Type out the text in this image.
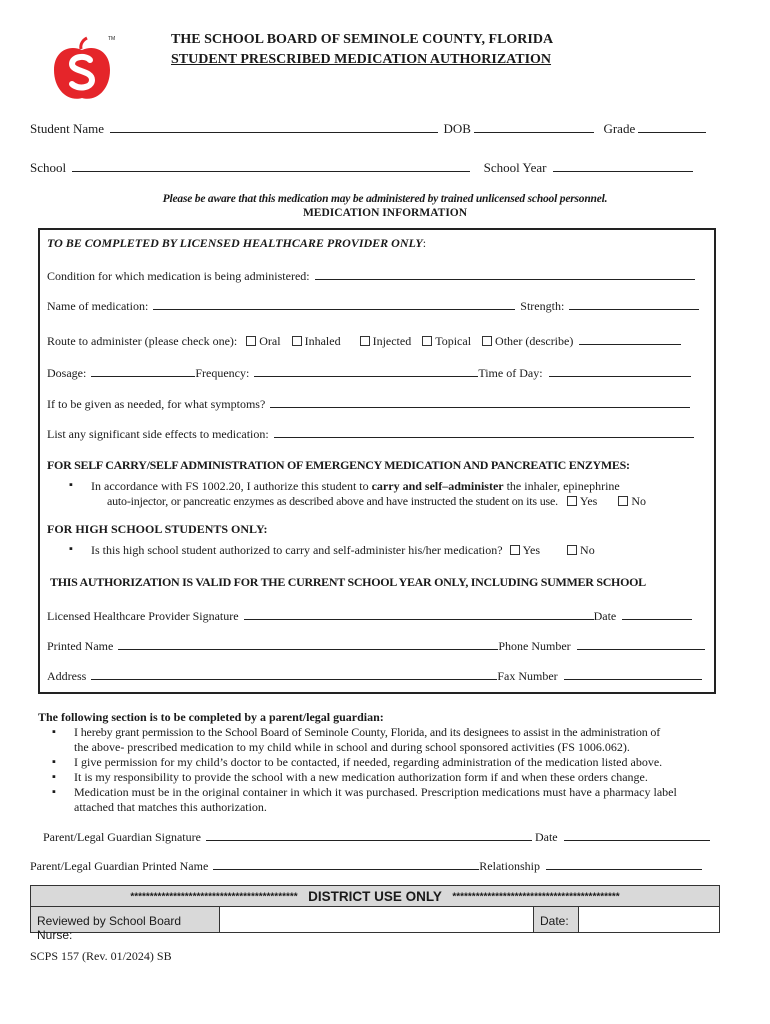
TM	THE SCHOOL BOARD OF SEMINOLE COUNTY, FLORIDA
STUDENT PRESCRIBED MEDICATION AUTHORIZATION
Student Name	DOB	Grade
School	School Year
Please be aware that this medication may be administered by trained unlicensed school personnel.
MEDICATION INFORMATION
TO BE COMPLETED BY LICENSED HEALTHCARE PROVIDER ONLY:
Condition for which medication is being administered:
Name of medication:	Strength:
Route to administer (please check one): Oral Inhaled	Injected Topical Other (describe)
Dosage:	Frequency:	Time of Day:
If to be given as needed, for what symptoms?
List any significant side effects to medication:
FOR SELF CARRY/SELF ADMINISTRATION OF EMERGENCY MEDICATION AND PANCREATIC ENZYMES:
In accordance with FS 1002.20, I authorize this student to carry and self–administer the inhaler, epinephrine
auto-injector, or pancreatic enzymes as described above and have instructed the student on its use. Yes	No
FOR HIGH SCHOOL STUDENTS ONLY:
Is this high school student authorized to carry and self-administer his/her medication? Yes	No
THIS AUTHORIZATION IS VALID FOR THE CURRENT SCHOOL YEAR ONLY, INCLUDING SUMMER SCHOOL
Licensed Healthcare Provider Signature	Date
Printed Name	Phone Number
Address	Fax Number
The following section is to be completed by a parent/legal guardian:
I hereby grant permission to the School Board of Seminole County, Florida, and its designees to assist in the administration of
the above- prescribed medication to my child while in school and during school sponsored activities (FS 1006.062).
I give permission for my child’s doctor to be contacted, if needed, regarding administration of the medication listed above.
It is my responsibility to provide the school with a new medication authorization form if and when these orders change.
Medication must be in the original container in which it was purchased. Prescription medications must have a pharmacy label
attached that matches this authorization.
Parent/Legal Guardian Signature	Date
Parent/Legal Guardian Printed Name	Relationship
******************************************* DISTRICT USE ONLY *******************************************
Reviewed by School Board Nurse:
Date:
SCPS 157 (Rev. 01/2024) SB
